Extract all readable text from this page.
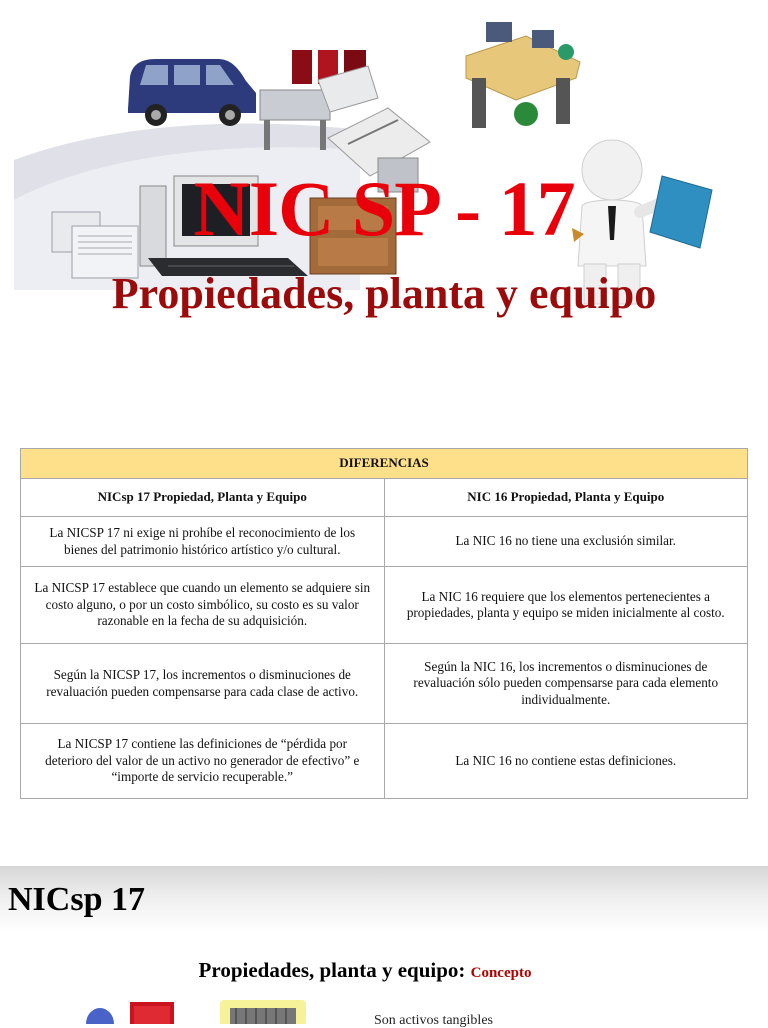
NIC SP - 17
Propiedades, planta y equipo
DIFERENCIAS	
NICsp 17 Propiedad, Planta y Equipo	NIC 16 Propiedad, Planta y Equipo
La NICSP 17 ni exige ni prohíbe el reconocimiento de los bienes del patrimonio histórico artístico y/o cultural.	La NIC 16 no tiene una exclusión similar.
La NICSP 17 establece que cuando un elemento se adquiere sin costo alguno, o por un costo simbólico, su costo es su valor razonable en la fecha de su adquisición.	La NIC 16 requiere que los elementos pertenecientes a propiedades, planta y equipo se miden inicialmente al costo.
Según la NICSP 17, los incrementos o disminuciones de revaluación pueden compensarse para cada clase de activo.	Según la NIC 16, los incrementos o disminuciones de revaluación sólo pueden compensarse para cada elemento individualmente.
La NICSP 17 contiene las definiciones de “pérdida por deterioro del valor de un activo no generador de efectivo” e “importe de servicio recuperable.”	La NIC 16 no contiene estas definiciones.
NICsp 17
Propiedades, planta y equipo: Concepto
Son activos tangibles
